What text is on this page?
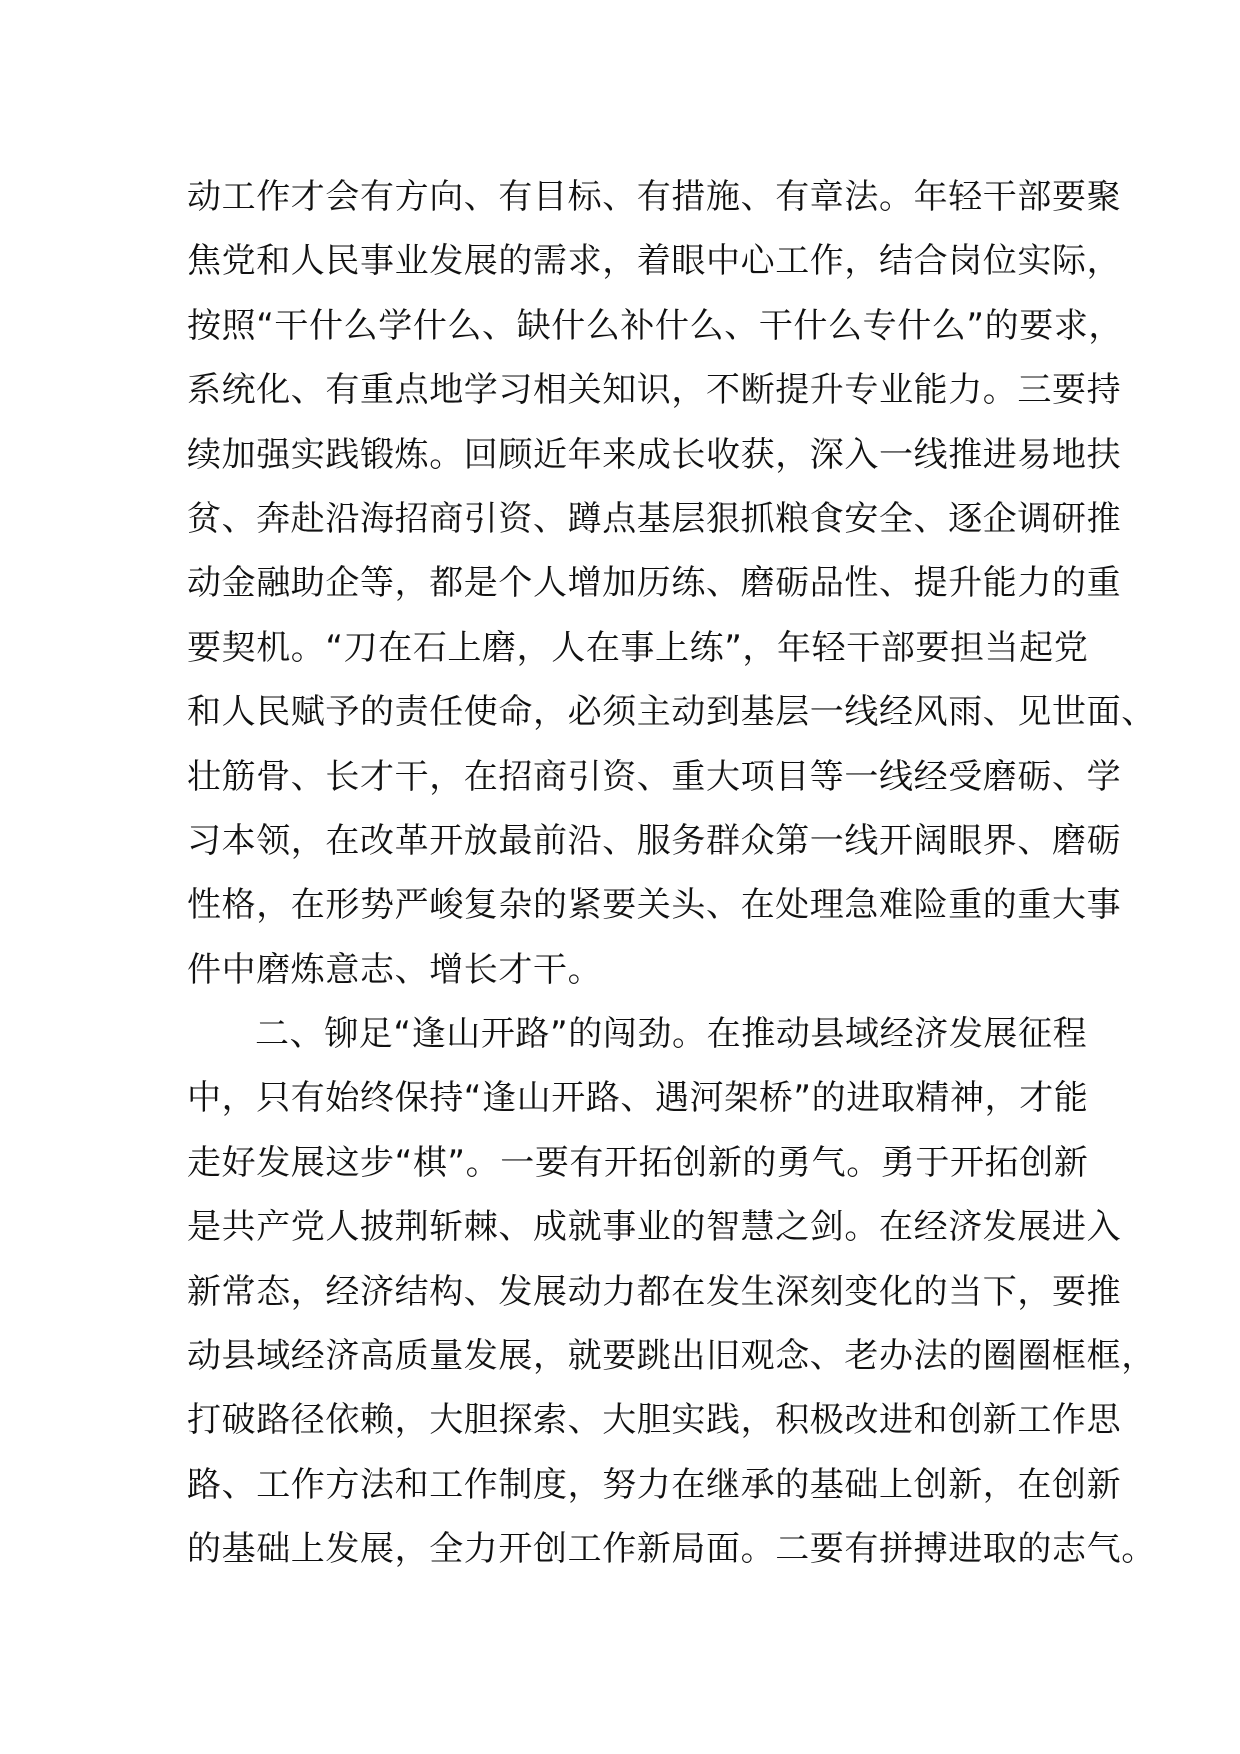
动工作才会有方向、有目标、有措施、有章法。年轻干部要聚
焦党和人民事业发展的需求，着眼中心工作，结合岗位实际，
按照“干什么学什么、缺什么补什么、干什么专什么”的要求，
系统化、有重点地学习相关知识，不断提升专业能力。三要持
续加强实践锻炼。回顾近年来成长收获，深入一线推进易地扶
贫、奔赴沿海招商引资、蹲点基层狠抓粮食安全、逐企调研推
动金融助企等，都是个人增加历练、磨砺品性、提升能力的重
要契机。“刀在石上磨，人在事上练”，年轻干部要担当起党
和人民赋予的责任使命，必须主动到基层一线经风雨、见世面、
壮筋骨、长才干，在招商引资、重大项目等一线经受磨砺、学
习本领，在改革开放最前沿、服务群众第一线开阔眼界、磨砺
性格，在形势严峻复杂的紧要关头、在处理急难险重的重大事
件中磨炼意志、增长才干。
二、铆足“逢山开路”的闯劲。在推动县域经济发展征程
中，只有始终保持“逢山开路、遇河架桥”的进取精神，才能
走好发展这步“棋”。一要有开拓创新的勇气。勇于开拓创新
是共产党人披荆斩棘、成就事业的智慧之剑。在经济发展进入
新常态，经济结构、发展动力都在发生深刻变化的当下，要推
动县域经济高质量发展，就要跳出旧观念、老办法的圈圈框框，
打破路径依赖，大胆探索、大胆实践，积极改进和创新工作思
路、工作方法和工作制度，努力在继承的基础上创新，在创新
的基础上发展，全力开创工作新局面。二要有拼搏进取的志气。
